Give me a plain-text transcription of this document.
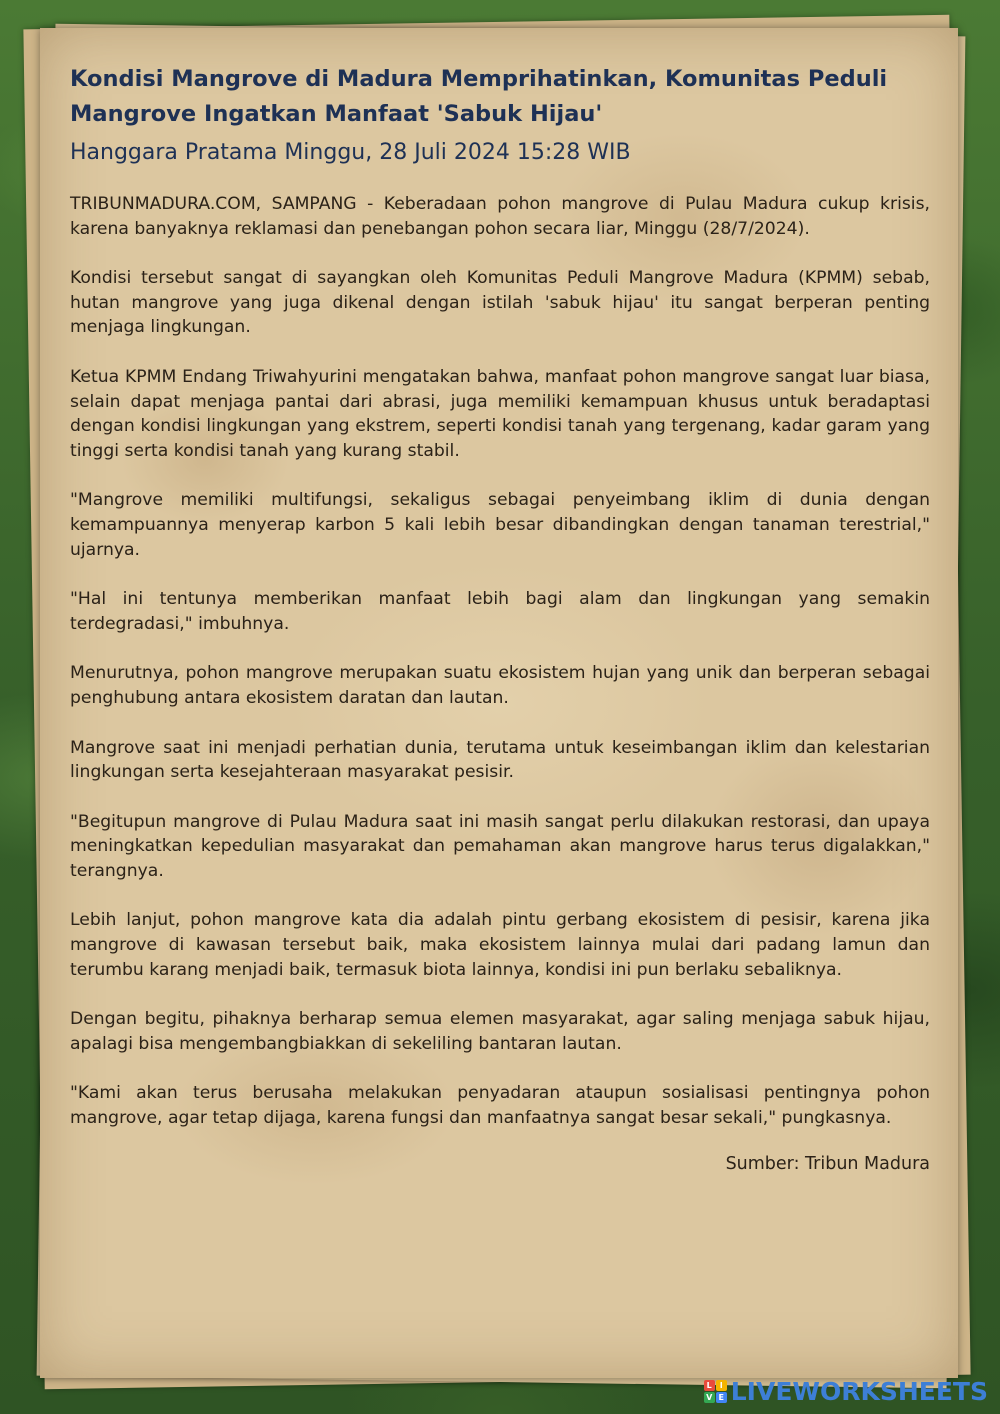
Kondisi Mangrove di Madura Memprihatinkan, Komunitas Peduli Mangrove Ingatkan Manfaat 'Sabuk Hijau'
Hanggara Pratama Minggu, 28 Juli 2024 15:28 WIB

TRIBUNMADURA.COM, SAMPANG - Keberadaan pohon mangrove di Pulau Madura cukup krisis, karena banyaknya reklamasi dan penebangan pohon secara liar, Minggu (28/7/2024).

Kondisi tersebut sangat di sayangkan oleh Komunitas Peduli Mangrove Madura (KPMM) sebab, hutan mangrove yang juga dikenal dengan istilah 'sabuk hijau' itu sangat berperan penting menjaga lingkungan.

Ketua KPMM Endang Triwahyurini mengatakan bahwa, manfaat pohon mangrove sangat luar biasa, selain dapat menjaga pantai dari abrasi, juga memiliki kemampuan khusus untuk beradaptasi dengan kondisi lingkungan yang ekstrem, seperti kondisi tanah yang tergenang, kadar garam yang tinggi serta kondisi tanah yang kurang stabil.

"Mangrove memiliki multifungsi, sekaligus sebagai penyeimbang iklim di dunia dengan kemampuannya menyerap karbon 5 kali lebih besar dibandingkan dengan tanaman terestrial," ujarnya.

"Hal ini tentunya memberikan manfaat lebih bagi alam dan lingkungan yang semakin terdegradasi," imbuhnya.

Menurutnya, pohon mangrove merupakan suatu ekosistem hujan yang unik dan berperan sebagai penghubung antara ekosistem daratan dan lautan.

Mangrove saat ini menjadi perhatian dunia, terutama untuk keseimbangan iklim dan kelestarian lingkungan serta kesejahteraan masyarakat pesisir.

"Begitupun mangrove di Pulau Madura saat ini masih sangat perlu dilakukan restorasi, dan upaya meningkatkan kepedulian masyarakat dan pemahaman akan mangrove harus terus digalakkan," terangnya.

Lebih lanjut, pohon mangrove kata dia adalah pintu gerbang ekosistem di pesisir, karena jika mangrove di kawasan tersebut baik, maka ekosistem lainnya mulai dari padang lamun dan terumbu karang menjadi baik, termasuk biota lainnya, kondisi ini pun berlaku sebaliknya.

Dengan begitu, pihaknya berharap semua elemen masyarakat, agar saling menjaga sabuk hijau, apalagi bisa mengembangbiakkan di sekeliling bantaran lautan.

"Kami akan terus berusaha melakukan penyadaran ataupun sosialisasi pentingnya pohon mangrove, agar tetap dijaga, karena fungsi dan manfaatnya sangat besar sekali," pungkasnya.

Sumber: Tribun Madura
L I
V E LIVEWORKSHEETS
